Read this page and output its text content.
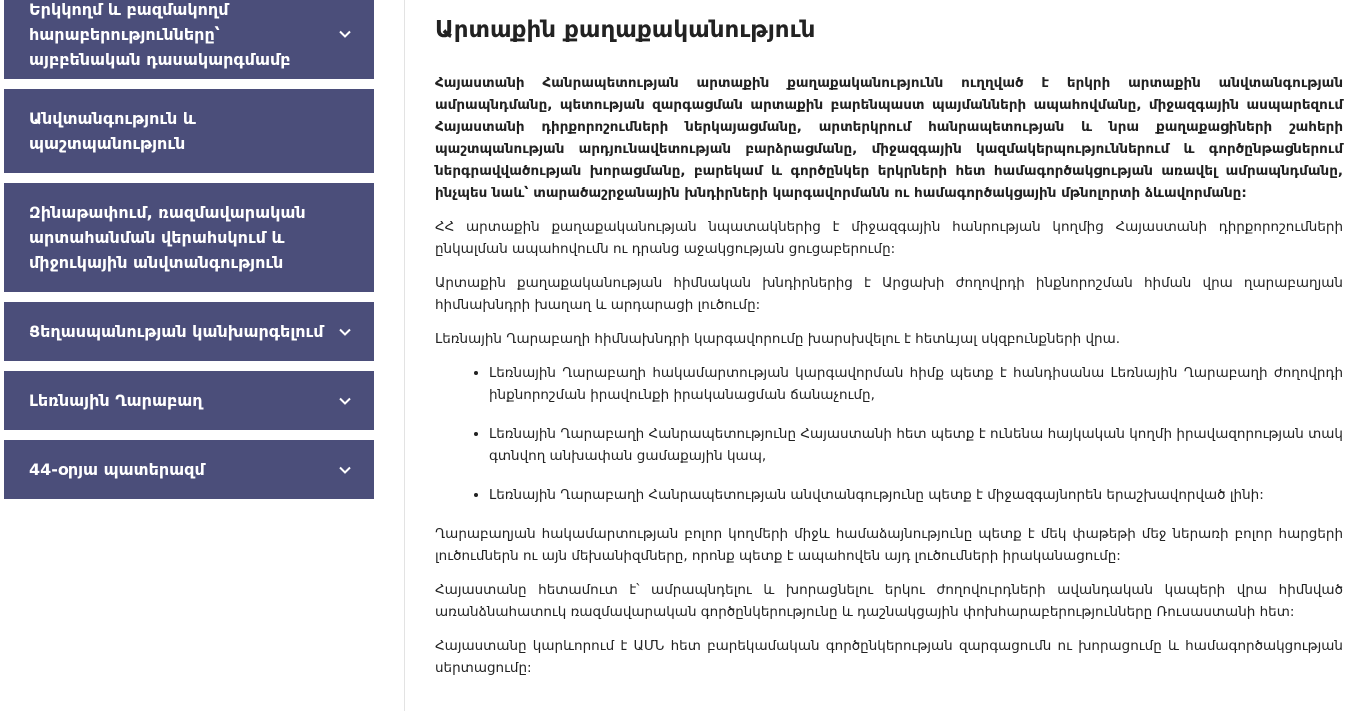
Երկկողմ և բազմակողմ հարաբերությունները՝ այբբենական դասակարգմամբ
Անվտանգություն և պաշտպանություն
Զինաթափում, ռազմավարական արտահանման վերահսկում և միջուկային անվտանգություն
Ցեղասպանության կանխարգելում
Լեռնային Ղարաբաղ
44-օրյա պատերազմ
Արտաքին քաղաքականություն

Հայաստանի Հանրապետության արտաքին քաղաքականությունն ուղղված է երկրի արտաքին անվտանգության ամրապնդմանը, պետության զարգացման արտաքին բարենպաստ պայմանների ապահովմանը, միջազգային ասպարեզում Հայաստանի դիրքորոշումների ներկայացմանը, արտերկրում հանրապետության և նրա քաղաքացիների շահերի պաշտպանության արդյունավետության բարձրացմանը, միջազգային կազմակերպություններում և գործընթացներում ներգրավվածության խորացմանը, բարեկամ և գործընկեր երկրների հետ համագործակցության առավել ամրապնդմանը, ինչպես նաև՝ տարածաշրջանային խնդիրների կարգավորմանն ու համագործակցային մթնոլորտի ձևավորմանը:

ՀՀ արտաքին քաղաքականության նպատակներից է միջազգային հանրության կողմից Հայաստանի դիրքորոշումների ընկալման ապահովումն ու դրանց աջակցության ցուցաբերումը:

Արտաքին քաղաքականության հիմնական խնդիրներից է Արցախի ժողովրդի ինքնորոշման հիման վրա ղարաբաղյան հիմնախնդրի խաղաղ և արդարացի լուծումը:

Լեռնային Ղարաբաղի հիմնախնդրի կարգավորումը խարսխվելու է հետևյալ սկզբունքների վրա.

• Լեռնային Ղարաբաղի հակամարտության կարգավորման հիմք պետք է հանդիսանա Լեռնային Ղարաբաղի ժողովրդի ինքնորոշման իրավունքի իրականացման ճանաչումը,
• Լեռնային Ղարաբաղի Հանրապետությունը Հայաստանի հետ պետք է ունենա հայկական կողմի իրավազորության տակ գտնվող անխափան ցամաքային կապ,
• Լեռնային Ղարաբաղի Հանրապետության անվտանգությունը պետք է միջազգայնորեն երաշխավորված լինի:

Ղարաբաղյան հակամարտության բոլոր կողմերի միջև համաձայնությունը պետք է մեկ փաթեթի մեջ ներառի բոլոր հարցերի լուծումներն ու այն մեխանիզմները, որոնք պետք է ապահովեն այդ լուծումների իրականացումը:

Հայաստանը հետամուտ է՝ ամրապնդելու և խորացնելու երկու ժողովուրդների ավանդական կապերի վրա հիմնված առանձնահատուկ ռազմավարական գործընկերությունը և դաշնակցային փոխհարաբերությունները Ռուսաստանի հետ:

Հայաստանը կարևորում է ԱՄՆ հետ բարեկամական գործընկերության զարգացումն ու խորացումը և համագործակցության սերտացումը:
